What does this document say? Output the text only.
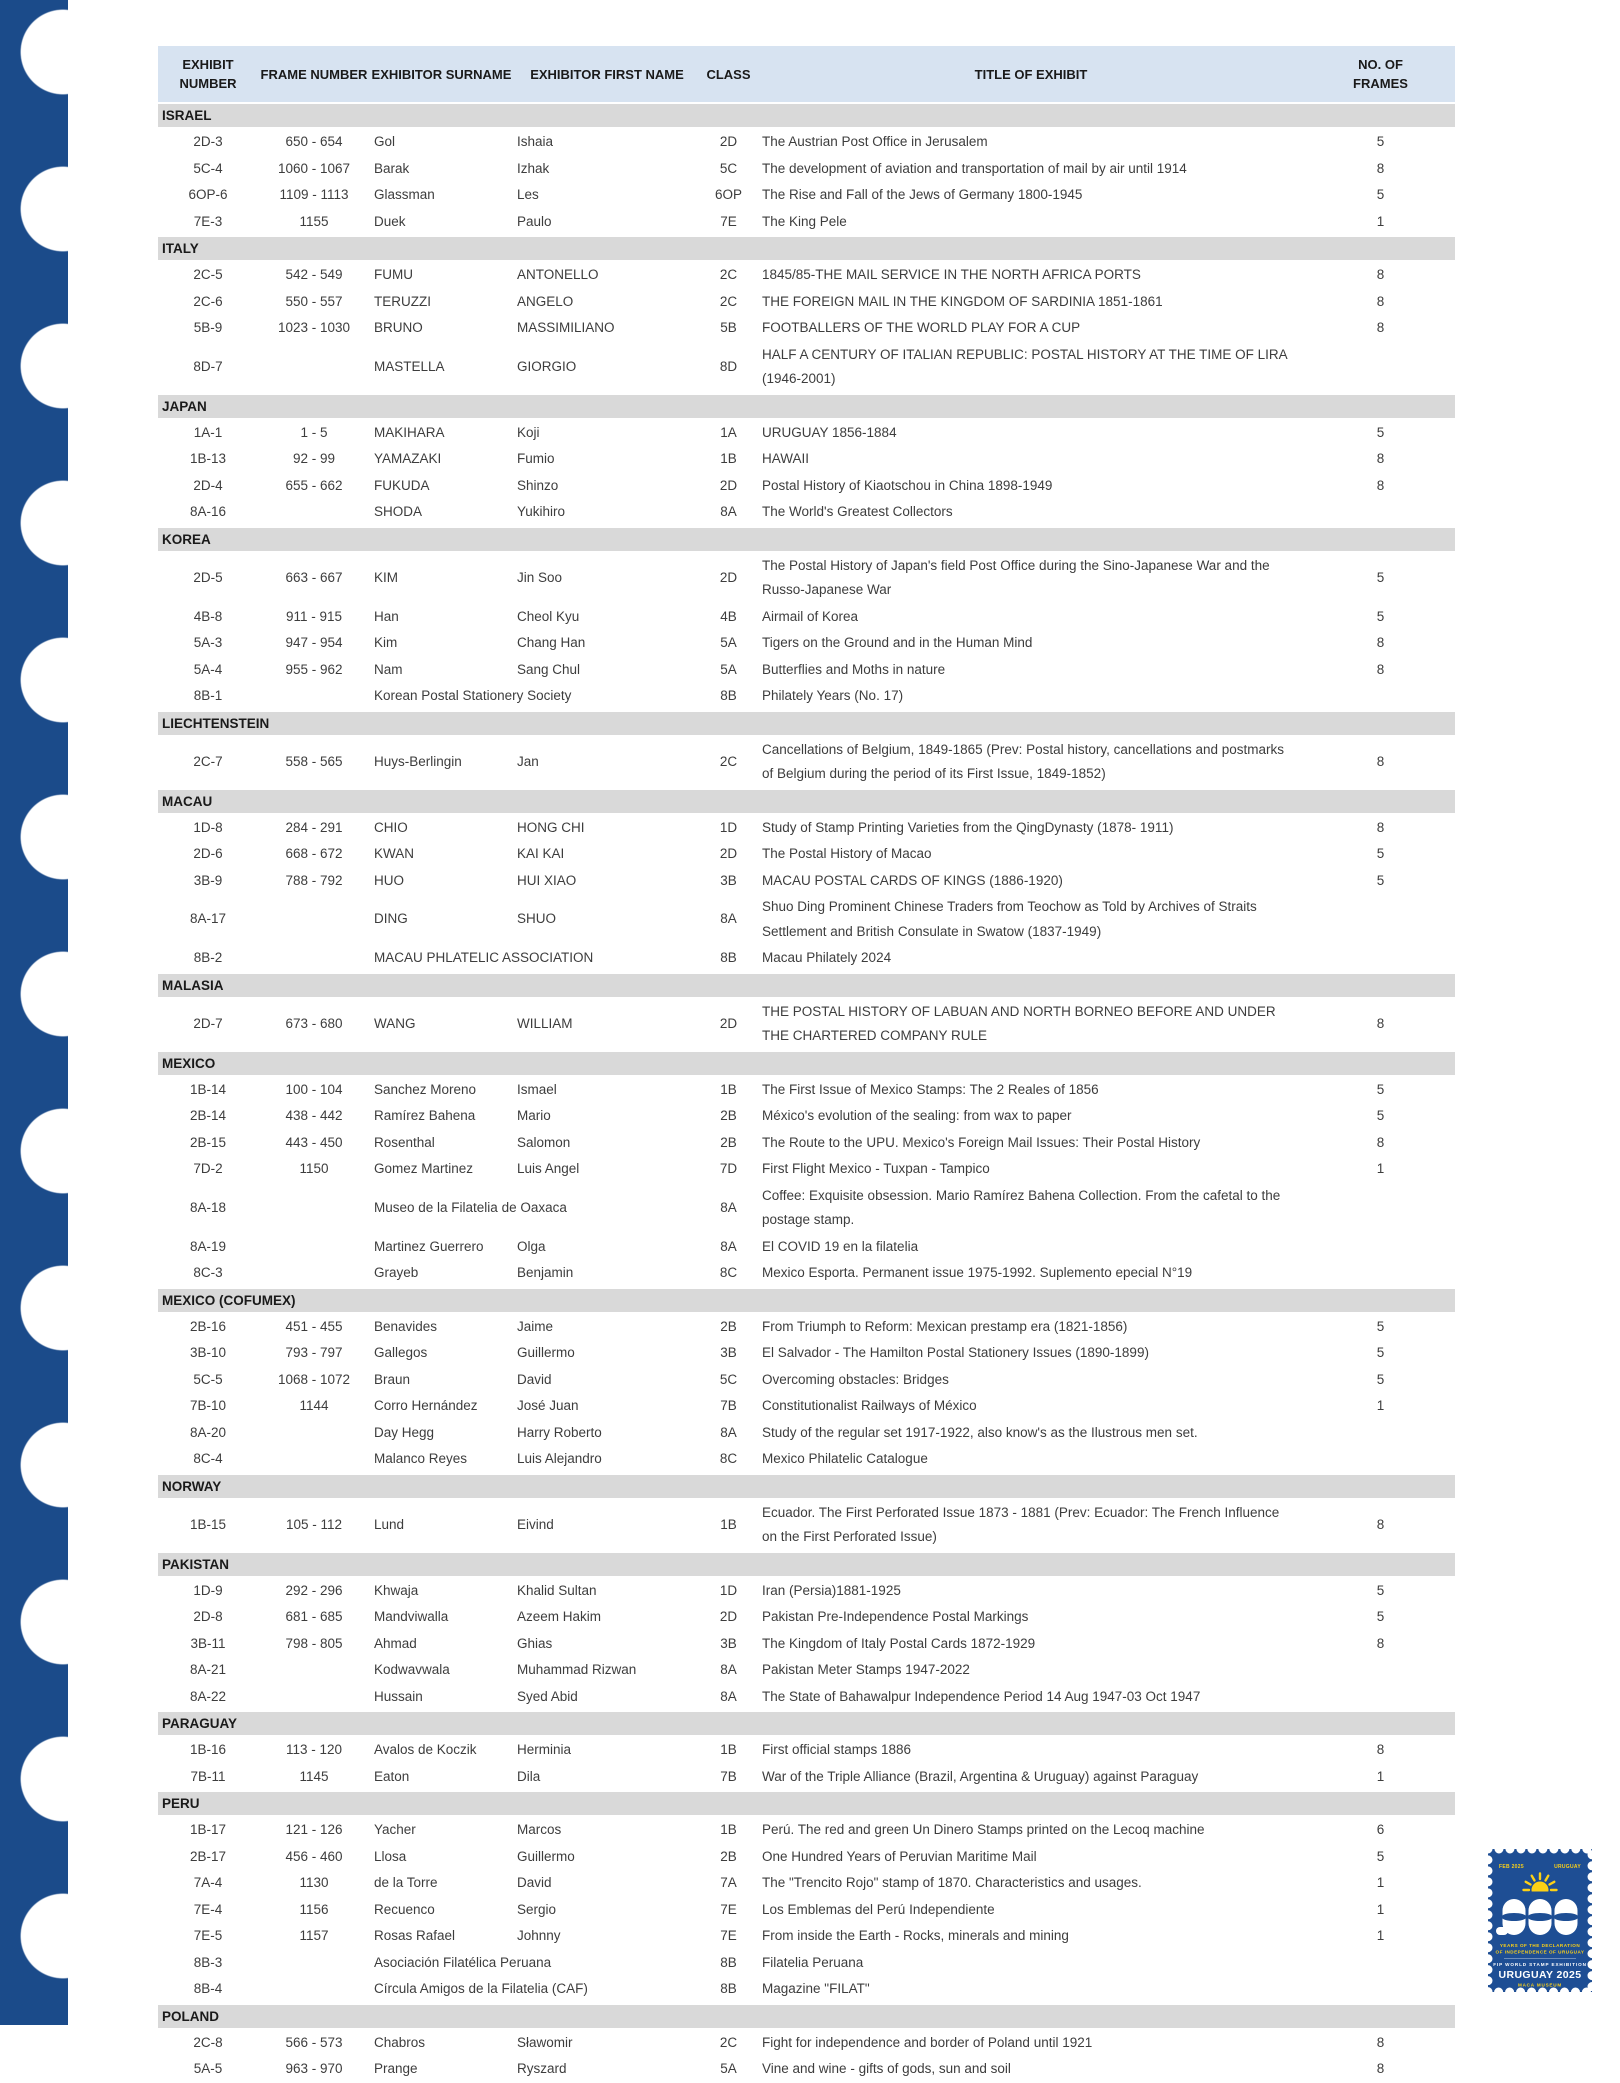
EXHIBIT NUMBER	FRAME NUMBER	EXHIBITOR SURNAME	EXHIBITOR FIRST NAME	CLASS	TITLE OF EXHIBIT	NO. OF FRAMES
ISRAEL						
2D-3	650 - 654	Gol	Ishaia	2D	The Austrian Post Office in Jerusalem	5
5C-4	1060 - 1067	Barak	Izhak	5C	The development of aviation and transportation of mail by air until 1914	8
6OP-6	1109 - 1113	Glassman	Les	6OP	The Rise and Fall of the Jews of Germany 1800-1945	5
7E-3	1155	Duek	Paulo	7E	The King Pele	1
ITALY						
2C-5	542 - 549	FUMU	ANTONELLO	2C	1845/85-THE MAIL SERVICE IN THE NORTH AFRICA PORTS	8
2C-6	550 - 557	TERUZZI	ANGELO	2C	THE FOREIGN MAIL IN THE KINGDOM OF SARDINIA 1851-1861	8
5B-9	1023 - 1030	BRUNO	MASSIMILIANO	5B	FOOTBALLERS OF THE WORLD PLAY FOR A CUP	8
8D-7		MASTELLA	GIORGIO	8D	HALF A CENTURY OF ITALIAN REPUBLIC: POSTAL HISTORY AT THE TIME OF LIRA (1946-2001)	
JAPAN						
1A-1	1 - 5	MAKIHARA	Koji	1A	URUGUAY 1856-1884	5
1B-13	92 - 99	YAMAZAKI	Fumio	1B	HAWAII	8
2D-4	655 - 662	FUKUDA	Shinzo	2D	Postal History of Kiaotschou in China 1898-1949	8
8A-16		SHODA	Yukihiro	8A	The World's Greatest Collectors	
KOREA						
2D-5	663 - 667	KIM	Jin Soo	2D	The Postal History of Japan's field Post Office during the Sino-Japanese War and the Russo-Japanese War	5
4B-8	911 - 915	Han	Cheol Kyu	4B	Airmail of Korea	5
5A-3	947 - 954	Kim	Chang Han	5A	Tigers on the Ground and in the Human Mind	8
5A-4	955 - 962	Nam	Sang Chul	5A	Butterflies and Moths in nature	8
8B-1		Korean Postal Stationery Society		8B	Philately Years (No. 17)	
LIECHTENSTEIN						
2C-7	558 - 565	Huys-Berlingin	Jan	2C	Cancellations of Belgium, 1849-1865 (Prev: Postal history, cancellations and postmarks of Belgium during the period of its First Issue, 1849-1852)	8
MACAU						
1D-8	284 - 291	CHIO	HONG CHI	1D	Study of Stamp Printing Varieties from the QingDynasty (1878- 1911)	8
2D-6	668 - 672	KWAN	KAI KAI	2D	The Postal History of Macao	5
3B-9	788 - 792	HUO	HUI XIAO	3B	MACAU POSTAL CARDS OF KINGS (1886-1920)	5
8A-17		DING	SHUO	8A	Shuo Ding Prominent Chinese Traders from Teochow as Told by Archives of Straits Settlement and British Consulate in Swatow (1837-1949)	
8B-2		MACAU PHLATELIC ASSOCIATION		8B	Macau Philately 2024	
MALASIA						
2D-7	673 - 680	WANG	WILLIAM	2D	THE POSTAL HISTORY OF LABUAN AND NORTH BORNEO BEFORE AND UNDER THE CHARTERED COMPANY RULE	8
MEXICO						
1B-14	100 - 104	Sanchez Moreno	Ismael	1B	The First Issue of Mexico Stamps: The 2 Reales of 1856	5
2B-14	438 - 442	Ramírez Bahena	Mario	2B	México's evolution of the sealing: from wax to paper	5
2B-15	443 - 450	Rosenthal	Salomon	2B	The Route to the UPU. Mexico's Foreign Mail Issues: Their Postal History	8
7D-2	1150	Gomez Martinez	Luis Angel	7D	First Flight Mexico - Tuxpan - Tampico	1
8A-18		Museo de la Filatelia de Oaxaca		8A	Coffee: Exquisite obsession. Mario Ramírez Bahena Collection. From the cafetal to the postage stamp.	
8A-19		Martinez Guerrero	Olga	8A	El COVID 19 en la filatelia	
8C-3		Grayeb	Benjamin	8C	Mexico Esporta. Permanent issue 1975-1992. Suplemento epecial N°19	
MEXICO (COFUMEX)						
2B-16	451 - 455	Benavides	Jaime	2B	From Triumph to Reform: Mexican prestamp era (1821-1856)	5
3B-10	793 - 797	Gallegos	Guillermo	3B	El Salvador - The Hamilton Postal Stationery Issues (1890-1899)	5
5C-5	1068 - 1072	Braun	David	5C	Overcoming obstacles: Bridges	5
7B-10	1144	Corro Hernández	José Juan	7B	Constitutionalist Railways of México	1
8A-20		Day Hegg	Harry Roberto	8A	Study of the regular set 1917-1922, also know's as the Ilustrous men set.	
8C-4		Malanco Reyes	Luis Alejandro	8C	Mexico Philatelic Catalogue	
NORWAY						
1B-15	105 - 112	Lund	Eivind	1B	Ecuador. The First Perforated Issue 1873 - 1881 (Prev: Ecuador: The French Influence on the First Perforated Issue)	8
PAKISTAN						
1D-9	292 - 296	Khwaja	Khalid Sultan	1D	Iran (Persia)1881-1925	5
2D-8	681 - 685	Mandviwalla	Azeem Hakim	2D	Pakistan Pre-Independence Postal Markings	5
3B-11	798 - 805	Ahmad	Ghias	3B	The Kingdom of Italy Postal Cards 1872-1929	8
8A-21		Kodwavwala	Muhammad Rizwan	8A	Pakistan Meter Stamps 1947-2022	
8A-22		Hussain	Syed Abid	8A	The State of Bahawalpur Independence Period 14 Aug 1947-03 Oct 1947	
PARAGUAY						
1B-16	113 - 120	Avalos de Koczik	Herminia	1B	First official stamps 1886	8
7B-11	1145	Eaton	Dila	7B	War of the Triple Alliance (Brazil, Argentina & Uruguay) against Paraguay	1
PERU						
1B-17	121 - 126	Yacher	Marcos	1B	Perú. The red and green Un Dinero Stamps printed on the Lecoq machine	6
2B-17	456 - 460	Llosa	Guillermo	2B	One Hundred Years of Peruvian Maritime Mail	5
7A-4	1130	de la Torre	David	7A	The "Trencito Rojo" stamp of 1870. Characteristics and usages.	1
7E-4	1156	Recuenco	Sergio	7E	Los Emblemas del Perú Independiente	1
7E-5	1157	Rosas Rafael	Johnny	7E	From inside the Earth - Rocks, minerals and mining	1
8B-3		Asociación Filatélica Peruana		8B	Filatelia Peruana	
8B-4		Círcula Amigos de la Filatelia (CAF)		8B	Magazine "FILAT"	
POLAND						
2C-8	566 - 573	Chabros	Sławomir	2C	Fight for independence and border of Poland until 1921	8
5A-5	963 - 970	Prange	Ryszard	5A	Vine and wine - gifts of gods, sun and soil	8
FEB 2025	URUGUAY
YEARS OF THE DECLARATION
OF INDEPENDENCE OF URUGUAY
FIP WORLD STAMP EXHIBITION
URUGUAY 2025
MACA MUSEUM
